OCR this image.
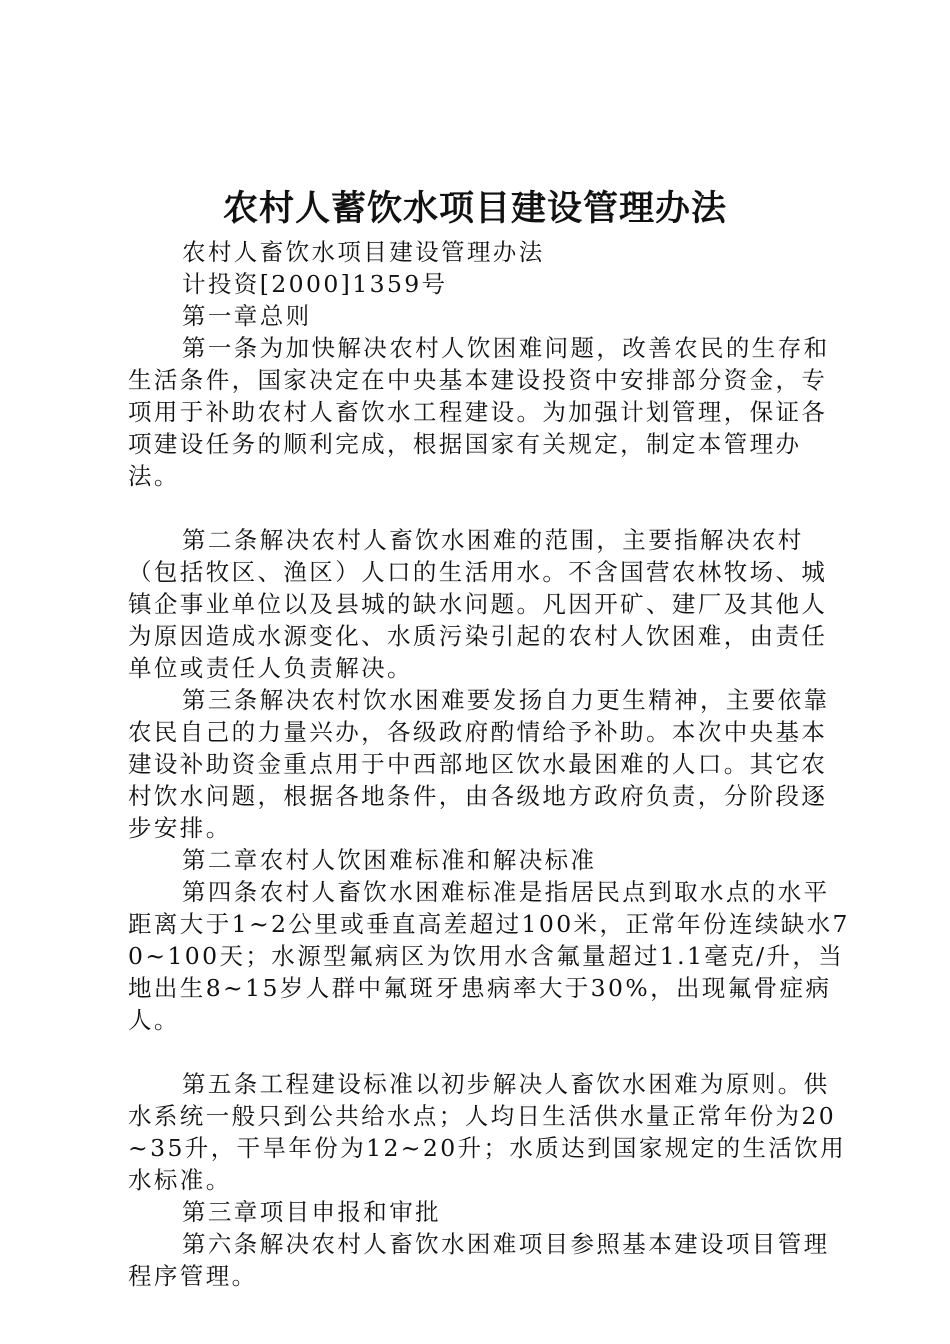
农村人蓄饮水项目建设管理办法

农村人畜饮水项目建设管理办法

计投资[2000]1359号

第一章总则

第一条为加快解决农村人饮困难问题，改善农民的生存和生活条件，国家决定在中央基本建设投资中安排部分资金，专项用于补助农村人畜饮水工程建设。为加强计划管理，保证各项建设任务的顺利完成，根据国家有关规定，制定本管理办法。

第二条解决农村人畜饮水困难的范围，主要指解决农村（包括牧区、渔区）人口的生活用水。不含国营农林牧场、城镇企事业单位以及县城的缺水问题。凡因开矿、建厂及其他人为原因造成水源变化、水质污染引起的农村人饮困难，由责任单位或责任人负责解决。

第三条解决农村饮水困难要发扬自力更生精神，主要依靠农民自己的力量兴办，各级政府酌情给予补助。本次中央基本建设补助资金重点用于中西部地区饮水最困难的人口。其它农村饮水问题，根据各地条件，由各级地方政府负责，分阶段逐步安排。

第二章农村人饮困难标准和解决标准

第四条农村人畜饮水困难标准是指居民点到取水点的水平距离大于1~2公里或垂直高差超过100米，正常年份连续缺水70~100天；水源型氟病区为饮用水含氟量超过1.1毫克/升，当地出生8~15岁人群中氟斑牙患病率大于30%，出现氟骨症病人。

第五条工程建设标准以初步解决人畜饮水困难为原则。供水系统一般只到公共给水点；人均日生活供水量正常年份为20~35升，干旱年份为12~20升；水质达到国家规定的生活饮用水标准。

第三章项目申报和审批

第六条解决农村人畜饮水困难项目参照基本建设项目管理程序管理。
